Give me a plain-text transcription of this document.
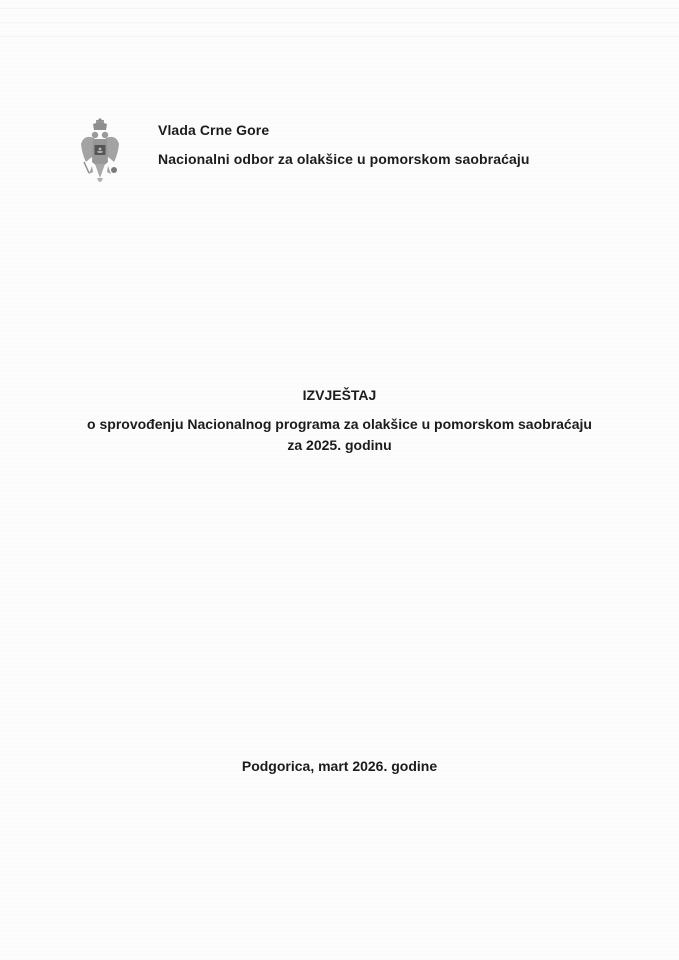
Vlada Crne Gore
Nacionalni odbor za olakšice u pomorskom saobraćaju
IZVJEŠTAJ
o sprovođenju Nacionalnog programa za olakšice u pomorskom saobraćaju za 2025. godinu
Podgorica, mart 2026. godine
